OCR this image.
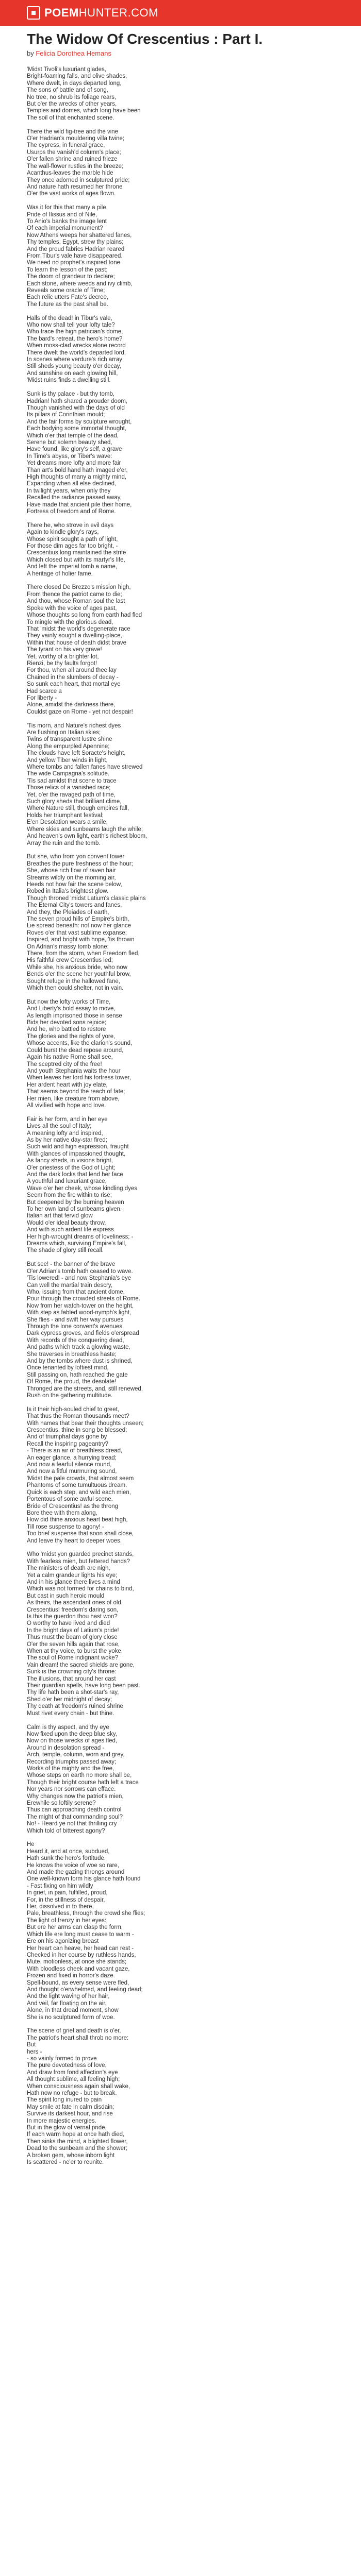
POEMHUNTER.COM
The Widow Of Crescentius : Part I.
by Felicia Dorothea Hemans
'Midst Tivoli's luxuriant glades,
Bright-foaming falls, and olive shades,
Where dwelt, in days departed long,
The sons of battle and of song,
No tree, no shrub its foliage rears,
But o'er the wrecks of other years,
Temples and domes, which long have been
The soil of that enchanted scene.

There the wild fig-tree and the vine
O'er Hadrian's mouldering villa twine;
The cypress, in funeral grace,
Usurps the vanish'd column's place;
O'er fallen shrine and ruined frieze
The wall-flower rustles in the breeze;
Acanthus-leaves the marble hide
They once adorned in sculptured pride;
And nature hath resumed her throne
O'er the vast works of ages flown.

Was it for this that many a pile,
Pride of Ilissus and of Nile,
To Anio's banks the image lent
Of each imperial monument?
Now Athens weeps her shattered fanes,
Thy temples, Egypt, strew thy plains;
And the proud fabrics Hadrian reared
From Tibur's vale have disappeared.
We need no prophet's inspired tone
To learn the lesson of the past;
The doom of grandeur to declare;
Each stone, where weeds and ivy climb,
Reveals some oracle of Time;
Each relic utters Fate's decree,
The future as the past shall be.

Halls of the dead! in Tibur's vale,
Who now shall tell your lofty tale?
Who trace the high patrician's dome,
The bard's retreat, the hero's home?
When moss-clad wrecks alone record
There dwelt the world's departed lord,
In scenes where verdure's rich array
Still sheds young beauty o'er decay,
And sunshine on each glowing hill,
'Midst ruins finds a dwelling still.

Sunk is thy palace - but thy tomb,
Hadrian! hath shared a prouder doom,
Though vanished with the days of old
Its pillars of Corinthian mould;
And the fair forms by sculpture wrought,
Each bodying some immortal thought,
Which o'er that temple of the dead,
Serene but solemn beauty shed,
Have found, like glory's self, a grave
In Time's abyss, or Tiber's wave:
Yet dreams more lofty and more fair
Than art's bold hand hath imaged e'er,
High thoughts of many a mighty mind,
Expanding when all else declined,
In twilight years, when only they
Recalled the radiance passed away,
Have made that ancient pile their home,
Fortress of freedom and of Rome.

There he, who strove in evil days
Again to kindle glory's rays,
Whose spirit sought a path of light,
For those dim ages far too bright, -
Crescentius long maintained the strife
Which closed but with its martyr's life,
And left the imperial tomb a name,
A heritage of holier fame.

There closed De Brezzo's mission high,
From thence the patriot came to die;
And thou, whose Roman soul the last
Spoke with the voice of ages past,
Whose thoughts so long from earth had fled
To mingle with the glorious dead,
That 'midst the world's degenerate race
They vainly sought a dwelling-place,
Within that house of death didst brave
The tyrant on his very grave!
Yet, worthy of a brighter lot,
Rienzi, be thy faults forgot!
For thou, when all around thee lay
Chained in the slumbers of decay -
So sunk each heart, that mortal eye
Had scarce a
For liberty -
Alone, amidst the darkness there,
Couldst gaze on Rome - yet not despair!

'Tis morn, and Nature's richest dyes
Are flushing on Italian skies;
Twins of transparent lustre shine
Along the empurpled Apennine;
The clouds have left Soracte's height,
And yellow Tiber winds in light,
Where tombs and fallen fanes have strewed
The wide Campagna's solitude.
'Tis sad amidst that scene to trace
Those relics of a vanished race;
Yet, o'er the ravaged path of time,
Such glory sheds that brilliant clime,
Where Nature still, though empires fall,
Holds her triumphant festival;
E'en Desolation wears a smile,
Where skies and sunbeams laugh the while;
And heaven's own light, earth's richest bloom,
Array the ruin and the tomb.

But she, who from yon convent tower
Breathes the pure freshness of the hour;
She, whose rich flow of raven hair
Streams wildly on the morning air,
Heeds not how fair the scene below,
Robed in Italia's brightest glow.
Though throned 'midst Latium's classic plains
The Eternal City's towers and fanes,
And they, the Pleiades of earth,
The seven proud hills of Empire's birth,
Lie spread beneath: not now her glance
Roves o'er that vast sublime expanse;
Inspired, and bright with hope, 'tis thrown
On Adrian's massy tomb alone:
There, from the storm, when Freedom fled,
His faithful crew Crescentius led;
While she, his anxious bride, who now
Bends o'er the scene her youthful brow,
Sought refuge in the hallowed fane,
Which then could shelter, not in vain.

But now the lofty works of Time,
And Liberty's bold essay to move,
As length imprisoned those in sense
Bids her devoted sons rejoice;
And he, who battled to restore
The glories and the rights of yore,
Whose accents, like the clarion's sound,
Could burst the dead repose around,
Again his native Rome shall see,
The sceptred city of the free!
And youth Stephania waits the hour
When leaves her lord his fortress tower,
Her ardent heart with joy elate,
That seems beyond the reach of fate;
Her mien, like creature from above,
All vivified with hope and love.

Fair is her form, and in her eye
Lives all the soul of Italy;
A meaning lofty and inspired,
As by her native day-star fired;
Such wild and high expression, fraught
With glances of impassioned thought,
As fancy sheds, in visions bright,
O'er priestess of the God of Light;
And the dark locks that lend her face
A youthful and luxuriant grace,
Wave o'er her cheek, whose kindling dyes
Seem from the fire within to rise;
But deepened by the burning heaven
To her own land of sunbeams given.
Italian art that fervid glow
Would o'er ideal beauty throw,
And with such ardent life express
Her high-wrought dreams of loveliness; -
Dreams which, surviving Empire's fall,
The shade of glory still recall.

But see! - the banner of the brave
O'er Adrian's tomb hath ceased to wave.
'Tis lowered! - and now Stephania's eye
Can well the martial train descry,
Who, issuing from that ancient dome,
Pour through the crowded streets of Rome.
Now from her watch-tower on the height,
With step as fabled wood-nymph's light,
She flies - and swift her way pursues
Through the lone convent's avenues.
Dark cypress groves, and fields o'erspread
With records of the conquering dead,
And paths which track a glowing waste,
She traverses in breathless haste;
And by the tombs where dust is shrined,
Once tenanted by loftiest mind,
Still passing on, hath reached the gate
Of Rome, the proud, the desolate!
Thronged are the streets, and, still renewed,
Rush on the gathering multitude.

Is it their high-souled chief to greet,
That thus the Roman thousands meet?
With names that bear their thoughts unseen;
Crescentius, thine in song be blessed;
And of triumphal days gone by
Recall the inspiring pageantry?
- There is an air of breathless dread,
An eager glance, a hurrying tread;
And now a fearful silence round,
And now a fitful murmuring sound,
'Midst the pale crowds, that almost seem
Phantoms of some tumultuous dream.
Quick is each step, and wild each mien,
Portentous of some awful scene.
Bride of Crescentius! as the throng
Bore thee with them along,
How did thine anxious heart beat high,
Till rose suspense to agony! -
Too brief suspense that soon shall close,
And leave thy heart to deeper woes.

Who 'midst yon guarded precinct stands,
With fearless mien, but fettered hands?
The ministers of death are nigh,
Yet a calm grandeur lights his eye;
And in his glance there lives a mind
Which was not formed for chains to bind,
But cast in such heroic mould
As theirs, the ascendant ones of old.
Crescentius! freedom's daring son,
Is this the guerdon thou hast won?
O worthy to have lived and died
In the bright days of Latium's pride!
Thus must the beam of glory close
O'er the seven hills again that rose,
When at thy voice, to burst the yoke,
The soul of Rome indignant woke?
Vain dream! the sacred shields are gone,
Sunk is the crowning city's throne:
The illusions, that around her cast
Their guardian spells, have long been past.
Thy life hath been a shot-star's ray,
Shed o'er her midnight of decay;
Thy death at freedom's ruined shrine
Must rivet every chain - but thine.

Calm is thy aspect, and thy eye
Now fixed upon the deep blue sky,
Now on those wrecks of ages fled,
Around in desolation spread -
Arch, temple, column, worn and grey,
Recording triumphs passed away;
Works of the mighty and the free,
Whose steps on earth no more shall be,
Though their bright course hath left a trace
Nor years nor sorrows can efface.
Why changes now the patriot's mien,
Erewhile so loftily serene?
Thus can approaching death control
The might of that commanding soul?
No! - Heard ye not that thrilling cry
Which told of bitterest agony?

He
Heard it, and at once, subdued,
Hath sunk the hero's fortitude.
He knows the voice of woe so rare,
And made the gazing throngs around
One well-known form his glance hath found
- Fast fixing on him wildly
In grief, in pain, fulfilled, proud,
For, in the stillness of despair,
Her, dissolved in to there,
Pale, breathless, through the crowd she flies;
The light of frenzy in her eyes:
But ere her arms can clasp the form,
Which life ere long must cease to warm -
Ere on his agonizing breast
Her heart can heave, her head can rest -
Checked in her course by ruthless hands,
Mute, motionless, at once she stands;
With bloodless cheek and vacant gaze,
Frozen and fixed in horror's daze.
Spell-bound, as every sense were fled,
And thought o'erwhelmed, and feeling dead;
And the light waving of her hair,
And veil, far floating on the air,
Alone, in that dread moment, show
She is no sculptured form of woe.

The scene of grief and death is o'er,
The patriot's heart shall throb no more:
But
hers -
- so vainly formed to prove
The pure devotedness of love,
And draw from fond affection's eye
All thought sublime, all feeling high;
When consciousness again shall wake,
Hath now no refuge - but to break.
The spirit long inured to pain
May smile at fate in calm disdain;
Survive its darkest hour, and rise
In more majestic energies.
But in the glow of vernal pride,
If each warm hope at once hath died,
Then sinks the mind, a blighted flower,
Dead to the sunbeam and the shower;
A broken gem, whose inborn light
Is scattered - ne'er to reunite.
